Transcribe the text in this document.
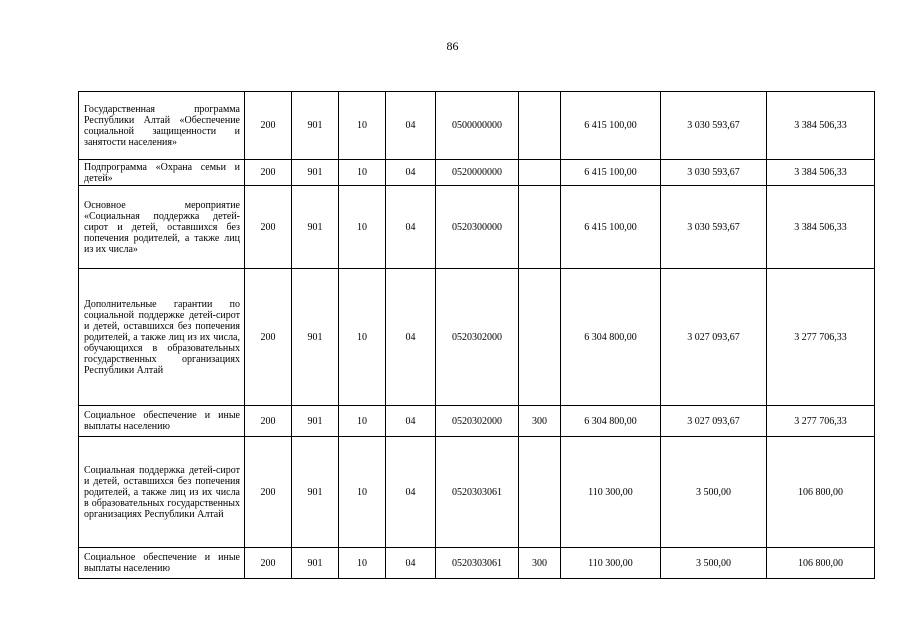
86
Государственная программа Республики Алтай «Обеспечение социальной защищенности и занятости населения»	200	901	10	04	0500000000		6 415 100,00	3 030 593,67	3 384 506,33
Подпрограмма «Охрана семьи и детей»	200	901	10	04	0520000000		6 415 100,00	3 030 593,67	3 384 506,33
Основное мероприятие «Социальная поддержка детей-сирот и детей, оставшихся без попечения родителей, а также лиц из их числа»	200	901	10	04	0520300000		6 415 100,00	3 030 593,67	3 384 506,33
Дополнительные гарантии по социальной поддержке детей-сирот и детей, оставшихся без попечения родителей, а также лиц из их числа, обучающихся в образовательных государственных организациях Республики Алтай	200	901	10	04	0520302000		6 304 800,00	3 027 093,67	3 277 706,33
Социальное обеспечение и иные выплаты населению	200	901	10	04	0520302000	300	6 304 800,00	3 027 093,67	3 277 706,33
Социальная поддержка детей-сирот и детей, оставшихся без попечения родителей, а также лиц из их числа в образовательных государственных организациях Республики Алтай	200	901	10	04	0520303061		110 300,00	3 500,00	106 800,00
Социальное обеспечение и иные выплаты населению	200	901	10	04	0520303061	300	110 300,00	3 500,00	106 800,00
